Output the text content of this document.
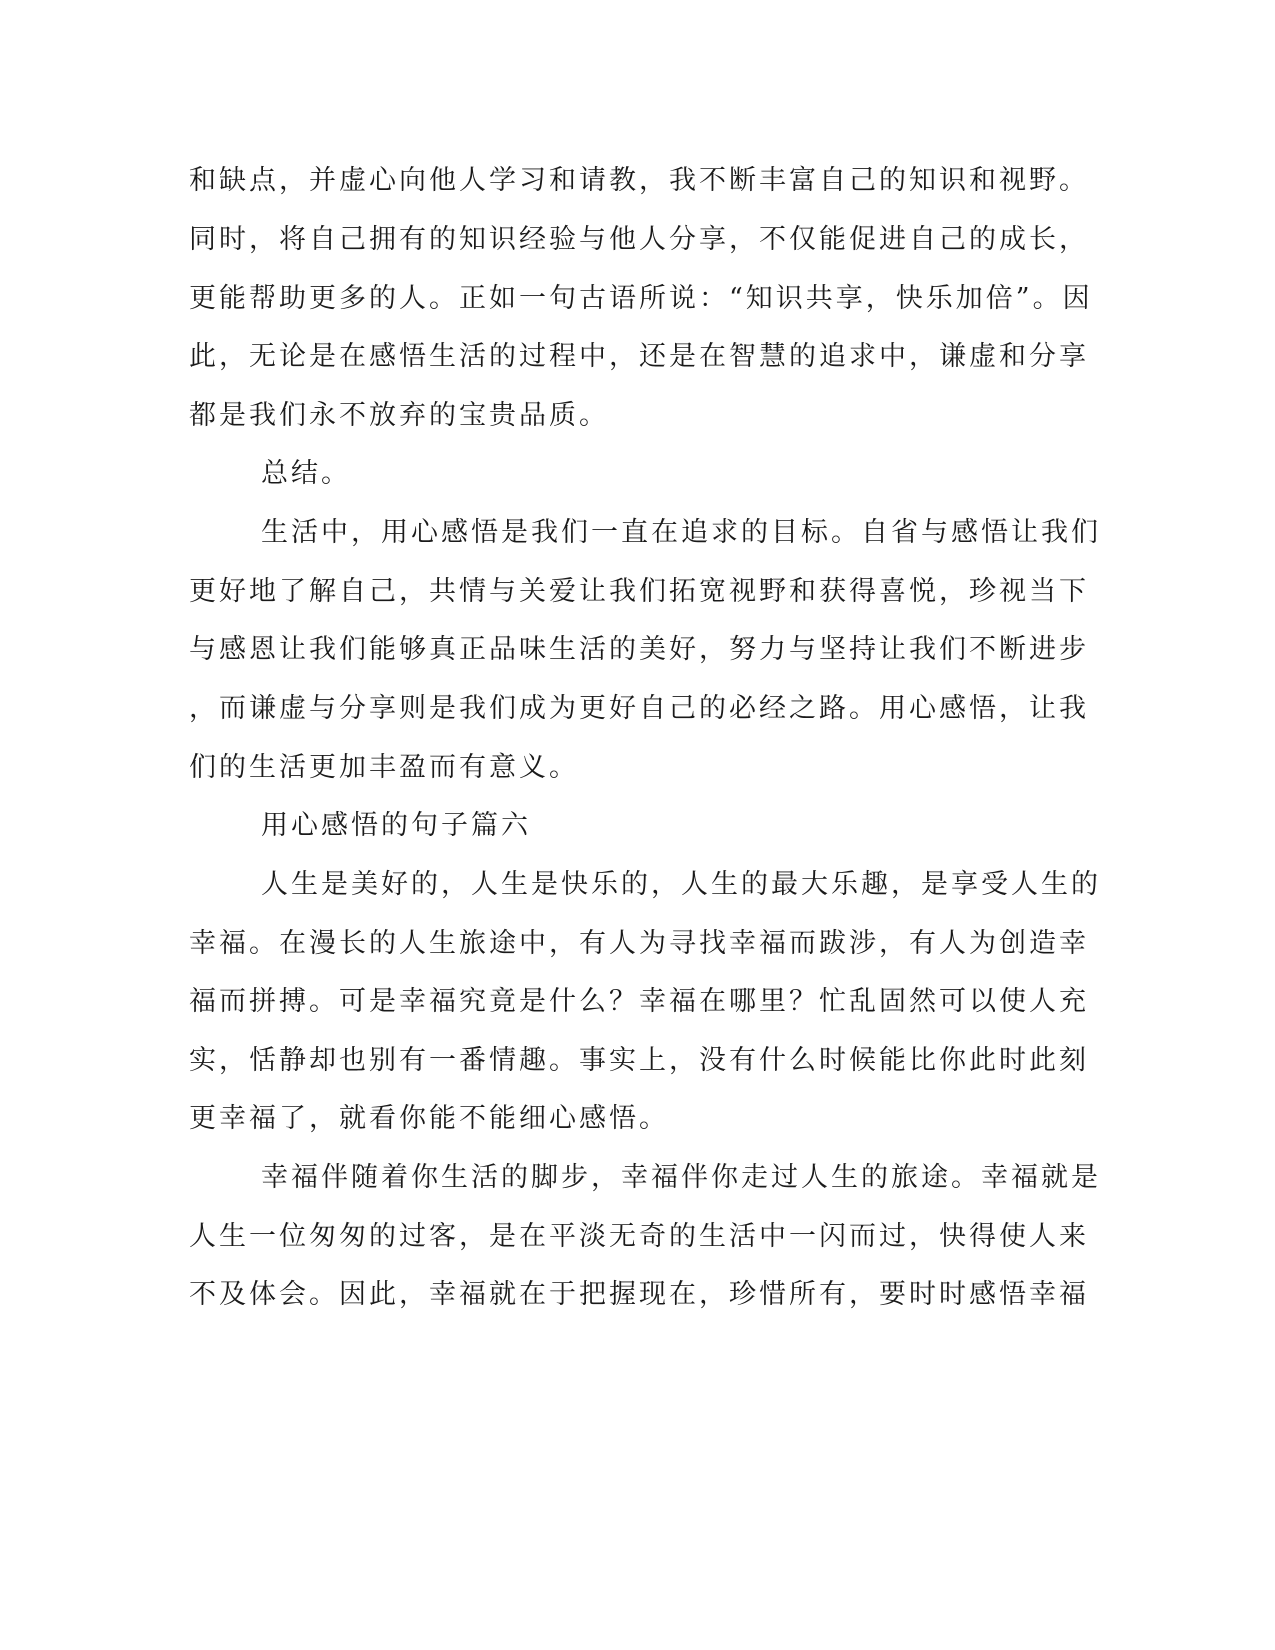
和缺点，并虚心向他人学习和请教，我不断丰富自己的知识和视野。
同时，将自己拥有的知识经验与他人分享，不仅能促进自己的成长，
更能帮助更多的人。正如一句古语所说：“知识共享，快乐加倍”。因
此，无论是在感悟生活的过程中，还是在智慧的追求中，谦虚和分享
都是我们永不放弃的宝贵品质。
总结。
生活中，用心感悟是我们一直在追求的目标。自省与感悟让我们
更好地了解自己，共情与关爱让我们拓宽视野和获得喜悦，珍视当下
与感恩让我们能够真正品味生活的美好，努力与坚持让我们不断进步
，而谦虚与分享则是我们成为更好自己的必经之路。用心感悟，让我
们的生活更加丰盈而有意义。
用心感悟的句子篇六
人生是美好的，人生是快乐的，人生的最大乐趣，是享受人生的
幸福。在漫长的人生旅途中，有人为寻找幸福而跋涉，有人为创造幸
福而拼搏。可是幸福究竟是什么？幸福在哪里？忙乱固然可以使人充
实，恬静却也别有一番情趣。事实上，没有什么时候能比你此时此刻
更幸福了，就看你能不能细心感悟。
幸福伴随着你生活的脚步，幸福伴你走过人生的旅途。幸福就是
人生一位匆匆的过客，是在平淡无奇的生活中一闪而过，快得使人来
不及体会。因此，幸福就在于把握现在，珍惜所有，要时时感悟幸福
